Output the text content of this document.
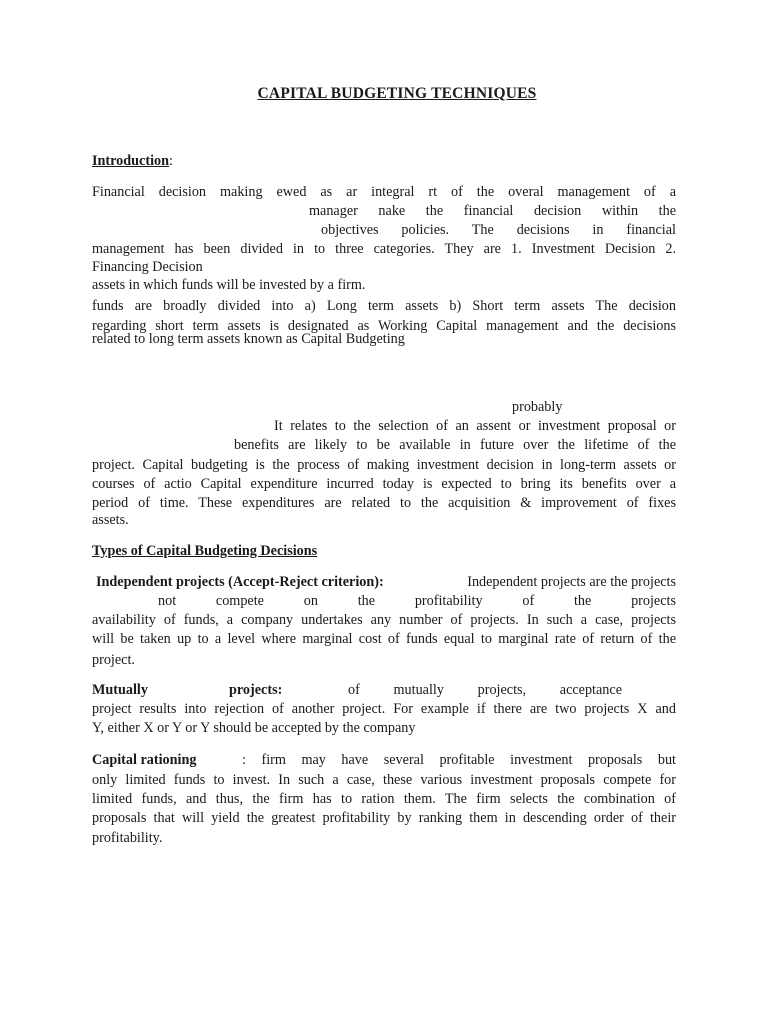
CAPITAL BUDGETING TECHNIQUES
Introduction:
Financial decision making ewed as ar integral rt of the overal management of a
manager nake the financial decision within the
objectives policies. The decisions in financial
management has been divided in to three categories. They are 1. Investment Decision 2.
Financing Decision
assets in which funds will be invested by a firm.
funds are broadly divided into a) Long term assets b) Short term assets The decision
regarding short term assets is designated as Working Capital management and the decisions
related to long term assets known as Capital Budgeting
probably
It relates to the selection of an assent or investment proposal or
benefits are likely to be available in future over the lifetime of the
project. Capital budgeting is the process of making investment decision in long-term assets or
courses of actio Capital expenditure incurred today is expected to bring its benefits over a
period of time. These expenditures are related to the acquisition & improvement of fixes
assets.
Types of Capital Budgeting Decisions
Independent projects (Accept-Reject criterion):	Independent projects are the projects
not compete on the profitability of the projects
availability of funds, a company undertakes any number of projects. In such a case, projects
will be taken up to a level where marginal cost of funds equal to marginal rate of return of the
project.
Mutually	projects:	of mutually projects, acceptance
project results into rejection of another project. For example if there are two projects X and
Y, either X or Y or Y should be accepted by the company
Capital rationing	: firm may have several profitable investment proposals but
only limited funds to invest. In such a case, these various investment proposals compete for
limited funds, and thus, the firm has to ration them. The firm selects the combination of
proposals that will yield the greatest profitability by ranking them in descending order of their
profitability.
